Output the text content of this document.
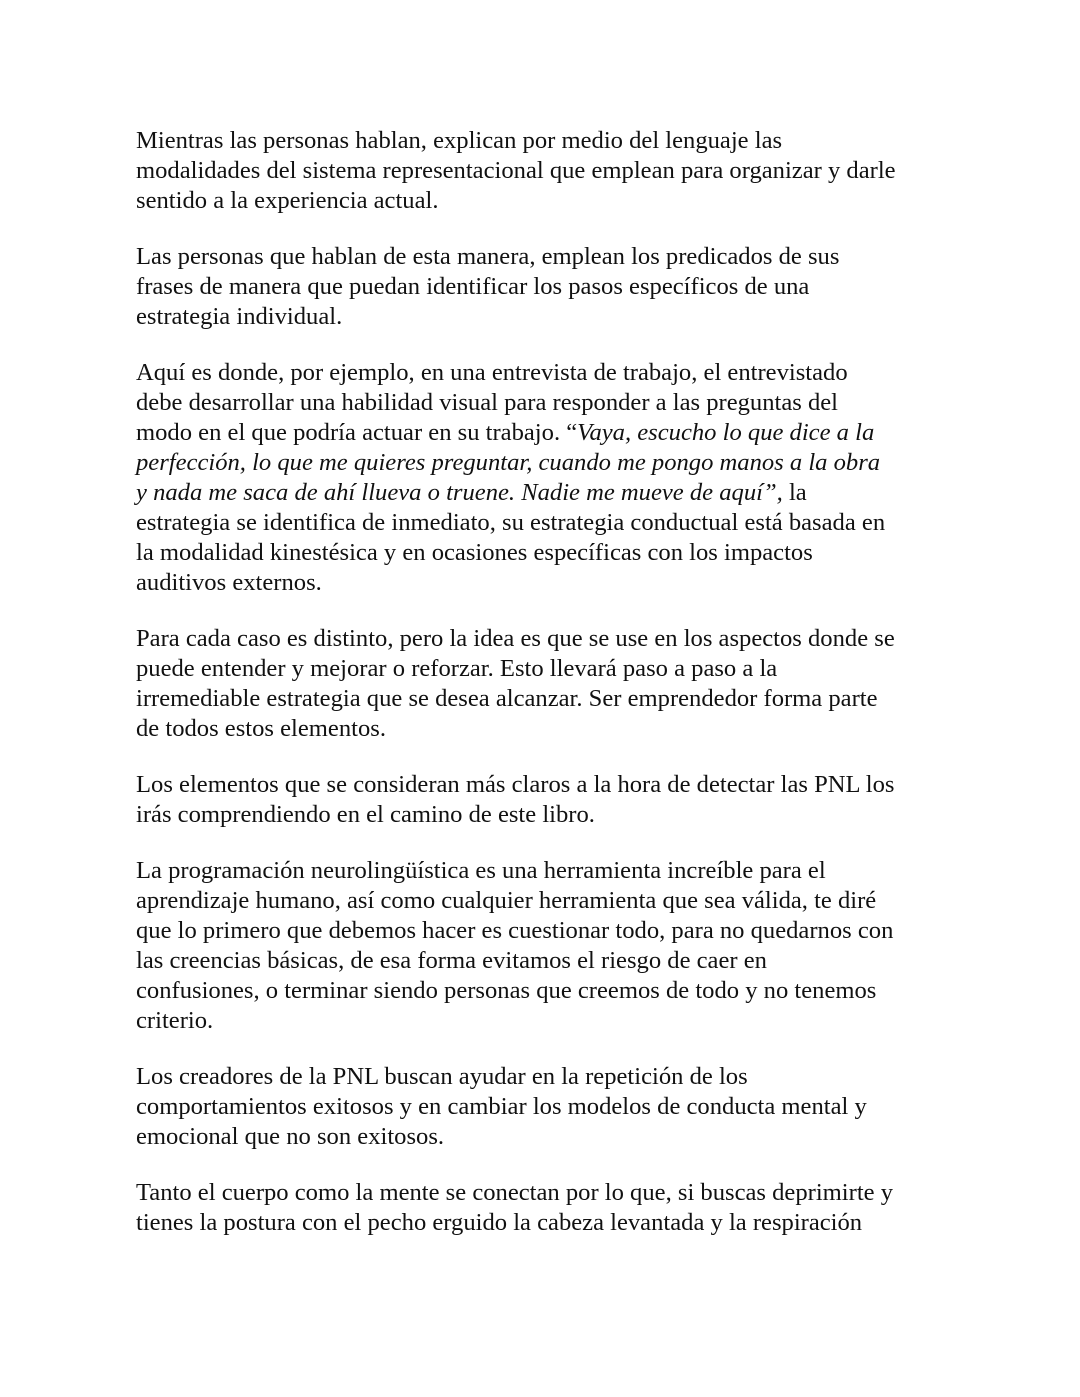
Mientras las personas hablan, explican por medio del lenguaje las
modalidades del sistema representacional que emplean para organizar y darle
sentido a la experiencia actual.

Las personas que hablan de esta manera, emplean los predicados de sus
frases de manera que puedan identificar los pasos específicos de una
estrategia individual.

Aquí es donde, por ejemplo, en una entrevista de trabajo, el entrevistado
debe desarrollar una habilidad visual para responder a las preguntas del
modo en el que podría actuar en su trabajo. “Vaya, escucho lo que dice a la
perfección, lo que me quieres preguntar, cuando me pongo manos a la obra
y nada me saca de ahí llueva o truene. Nadie me mueve de aquí”, la
estrategia se identifica de inmediato, su estrategia conductual está basada en
la modalidad kinestésica y en ocasiones específicas con los impactos
auditivos externos.

Para cada caso es distinto, pero la idea es que se use en los aspectos donde se
puede entender y mejorar o reforzar. Esto llevará paso a paso a la
irremediable estrategia que se desea alcanzar. Ser emprendedor forma parte
de todos estos elementos.

Los elementos que se consideran más claros a la hora de detectar las PNL los
irás comprendiendo en el camino de este libro.

La programación neurolingüística es una herramienta increíble para el
aprendizaje humano, así como cualquier herramienta que sea válida, te diré
que lo primero que debemos hacer es cuestionar todo, para no quedarnos con
las creencias básicas, de esa forma evitamos el riesgo de caer en
confusiones, o terminar siendo personas que creemos de todo y no tenemos
criterio.

Los creadores de la PNL buscan ayudar en la repetición de los
comportamientos exitosos y en cambiar los modelos de conducta mental y
emocional que no son exitosos.

Tanto el cuerpo como la mente se conectan por lo que, si buscas deprimirte y
tienes la postura con el pecho erguido la cabeza levantada y la respiración
